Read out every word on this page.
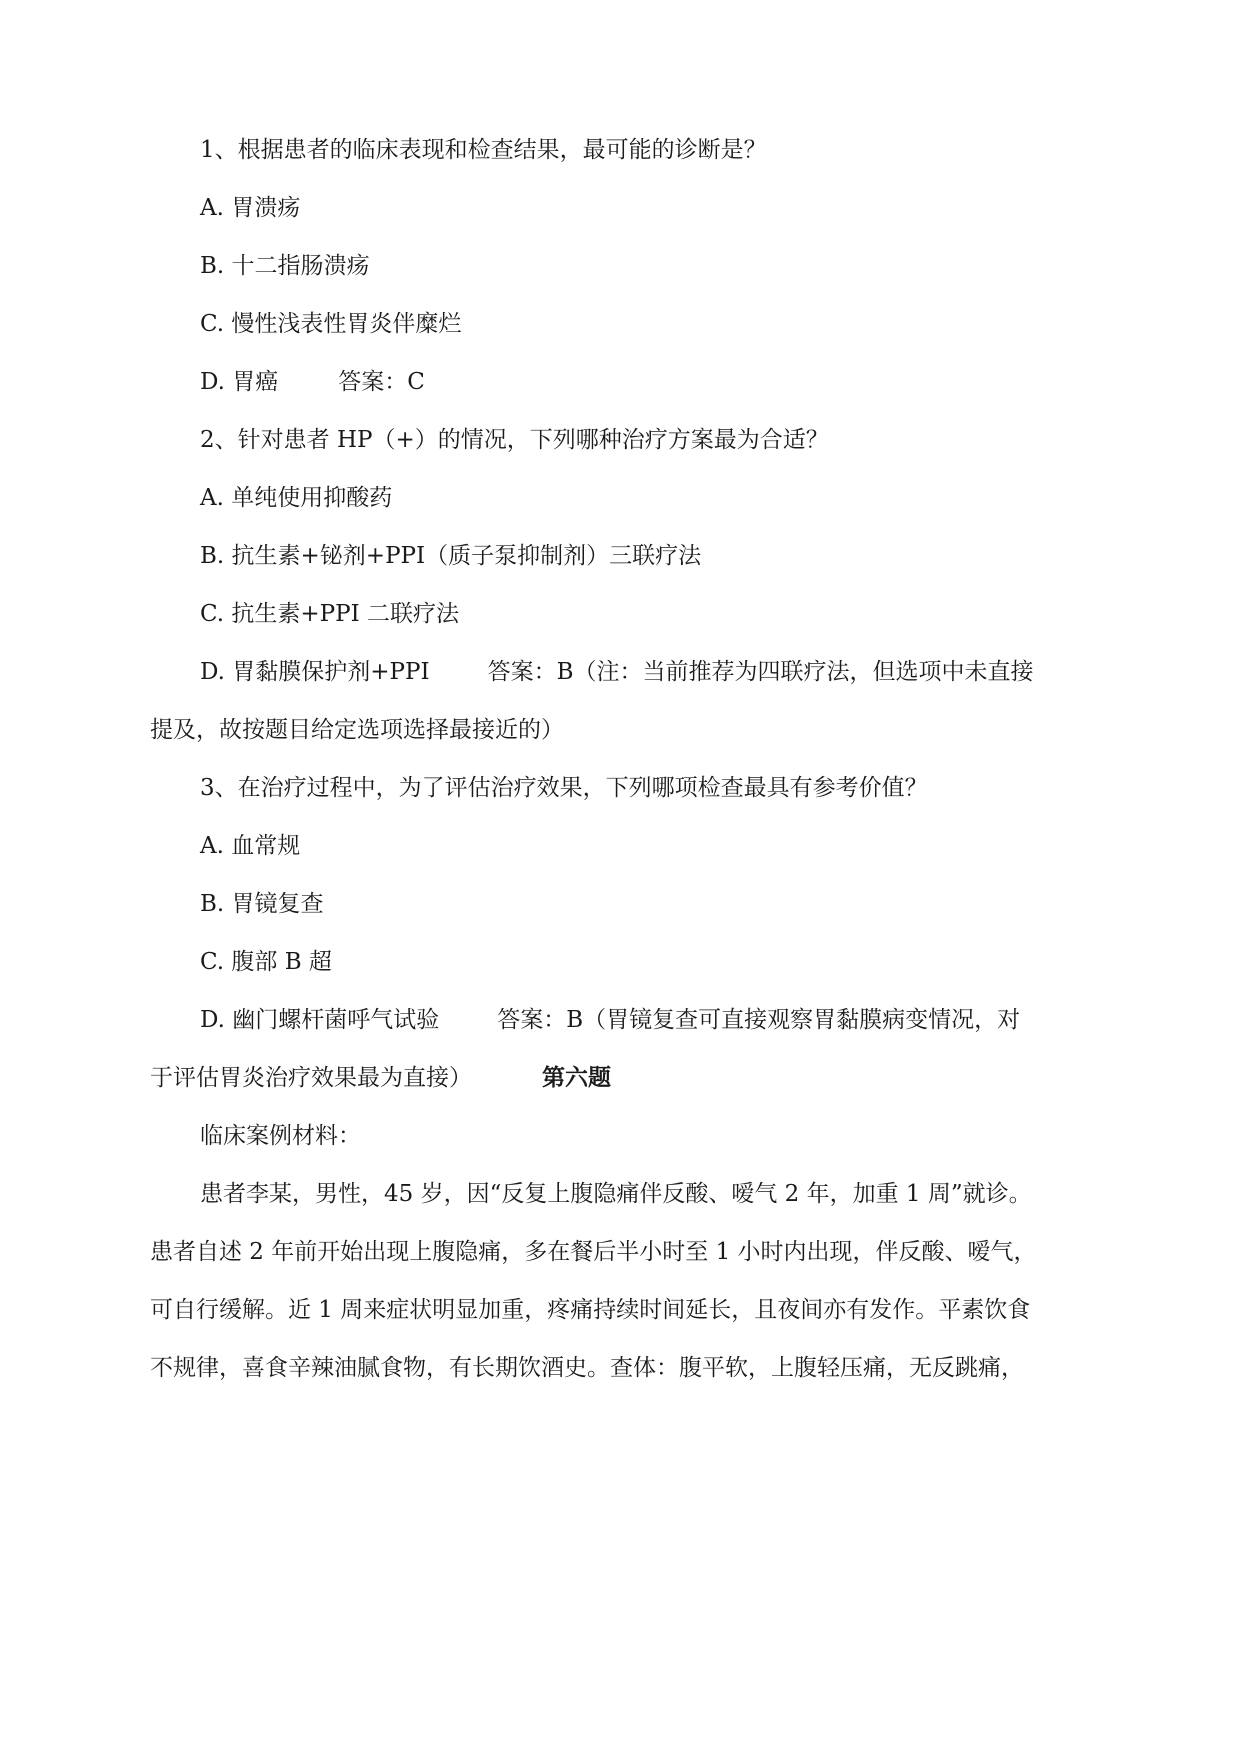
1、根据患者的临床表现和检查结果，最可能的诊断是？

A. 胃溃疡

B. 十二指肠溃疡

C. 慢性浅表性胃炎伴糜烂

D. 胃癌	答案：C

2、针对患者 HP（+）的情况，下列哪种治疗方案最为合适？

A. 单纯使用抑酸药

B. 抗生素+铋剂+PPI（质子泵抑制剂）三联疗法

C. 抗生素+PPI 二联疗法

D. 胃黏膜保护剂+PPI	答案：B（注：当前推荐为四联疗法，但选项中未直接

提及，故按题目给定选项选择最接近的）

3、在治疗过程中，为了评估治疗效果，下列哪项检查最具有参考价值？

A. 血常规

B. 胃镜复查

C. 腹部 B 超

D. 幽门螺杆菌呼气试验	答案：B（胃镜复查可直接观察胃黏膜病变情况，对

于评估胃炎治疗效果最为直接）	第六题

临床案例材料：

患者李某，男性，45 岁，因“反复上腹隐痛伴反酸、嗳气 2 年，加重 1 周”就诊。

患者自述 2 年前开始出现上腹隐痛，多在餐后半小时至 1 小时内出现，伴反酸、嗳气，

可自行缓解。近 1 周来症状明显加重，疼痛持续时间延长，且夜间亦有发作。平素饮食

不规律，喜食辛辣油腻食物，有长期饮酒史。查体：腹平软，上腹轻压痛，无反跳痛，
